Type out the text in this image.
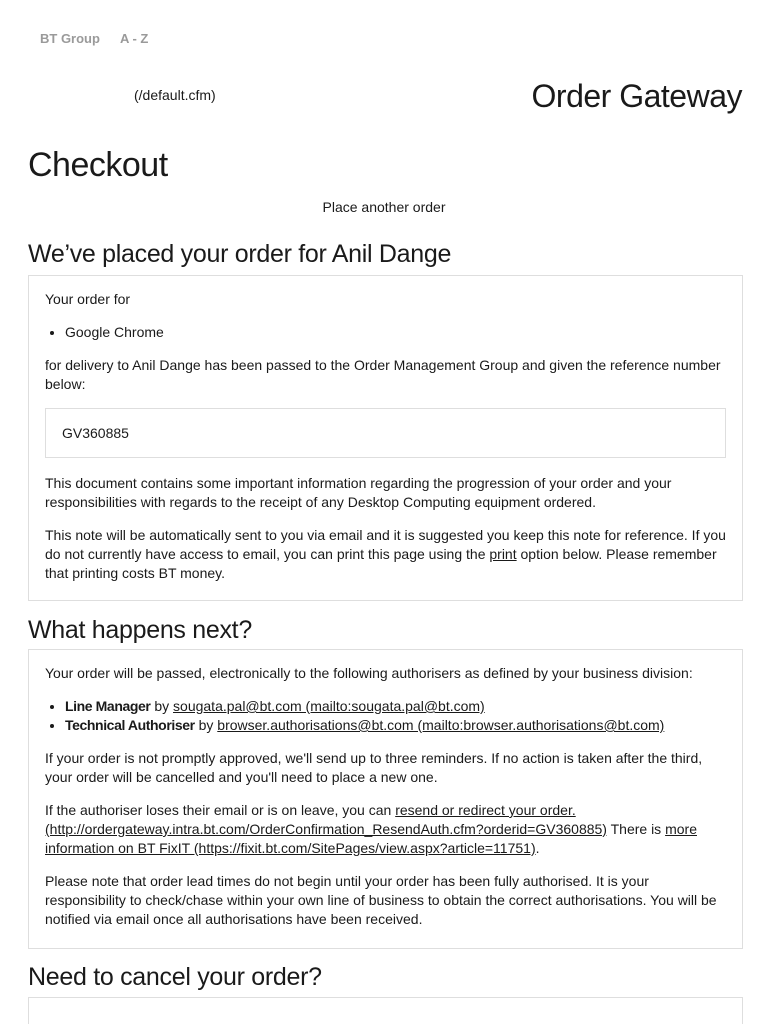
BT Group A - Z
(/default.cfm)	Order Gateway
Checkout
Place another order
We’ve placed your order for Anil Dange

Your order for

• Google Chrome

for delivery to Anil Dange has been passed to the Order Management Group and given the reference number below:

GV360885

This document contains some important information regarding the progression of your order and your responsibilities with regards to the receipt of any Desktop Computing equipment ordered.

This note will be automatically sent to you via email and it is suggested you keep this note for reference. If you do not currently have access to email, you can print this page using the print option below. Please remember that printing costs BT money.

What happens next?

Your order will be passed, electronically to the following authorisers as defined by your business division:

• Line Manager by sougata.pal@bt.com (mailto:sougata.pal@bt.com)
• Technical Authoriser by browser.authorisations@bt.com (mailto:browser.authorisations@bt.com)

If your order is not promptly approved, we'll send up to three reminders. If no action is taken after the third, your order will be cancelled and you'll need to place a new one.

If the authoriser loses their email or is on leave, you can resend or redirect your order. (http://ordergateway.intra.bt.com/OrderConfirmation_ResendAuth.cfm?orderid=GV360885) There is more information on BT FixIT (https://fixit.bt.com/SitePages/view.aspx?article=11751).

Please note that order lead times do not begin until your order has been fully authorised. It is your responsibility to check/chase within your own line of business to obtain the correct authorisations. You will be notified via email once all authorisations have been received.

Need to cancel your order?
